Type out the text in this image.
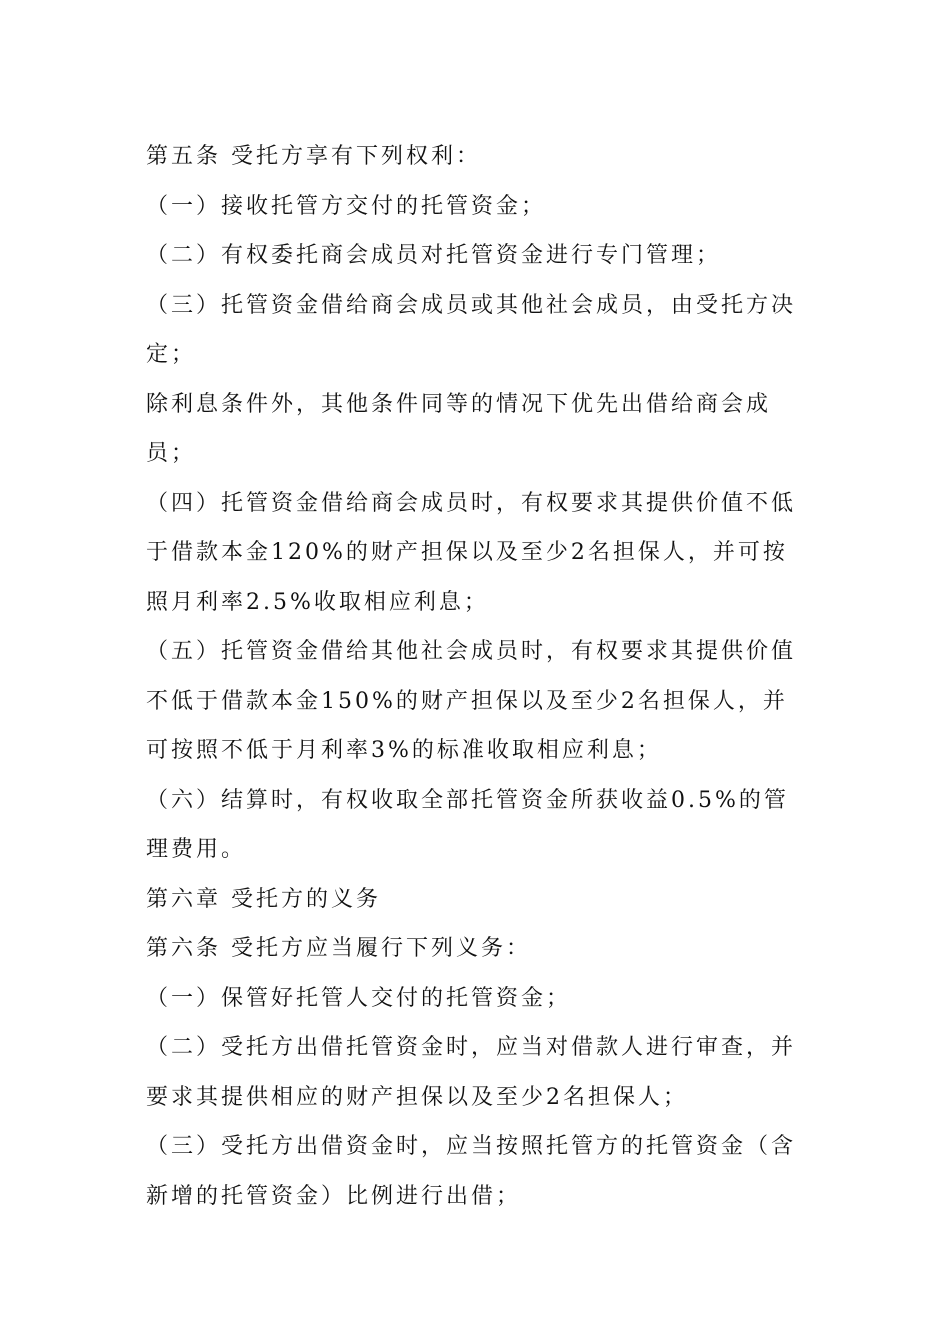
第五条 受托方享有下列权利：

（一）接收托管方交付的托管资金；

（二）有权委托商会成员对托管资金进行专门管理；

（三）托管资金借给商会成员或其他社会成员，由受托方决定；

除利息条件外，其他条件同等的情况下优先出借给商会成员；

（四）托管资金借给商会成员时，有权要求其提供价值不低于借款本金120%的财产担保以及至少2名担保人，并可按照月利率2.5%收取相应利息；

（五）托管资金借给其他社会成员时，有权要求其提供价值不低于借款本金150%的财产担保以及至少2名担保人，并可按照不低于月利率3%的标准收取相应利息；

（六）结算时，有权收取全部托管资金所获收益0.5%的管理费用。

第六章 受托方的义务

第六条 受托方应当履行下列义务：

（一）保管好托管人交付的托管资金；

（二）受托方出借托管资金时，应当对借款人进行审查，并要求其提供相应的财产担保以及至少2名担保人；

（三）受托方出借资金时，应当按照托管方的托管资金（含新增的托管资金）比例进行出借；
